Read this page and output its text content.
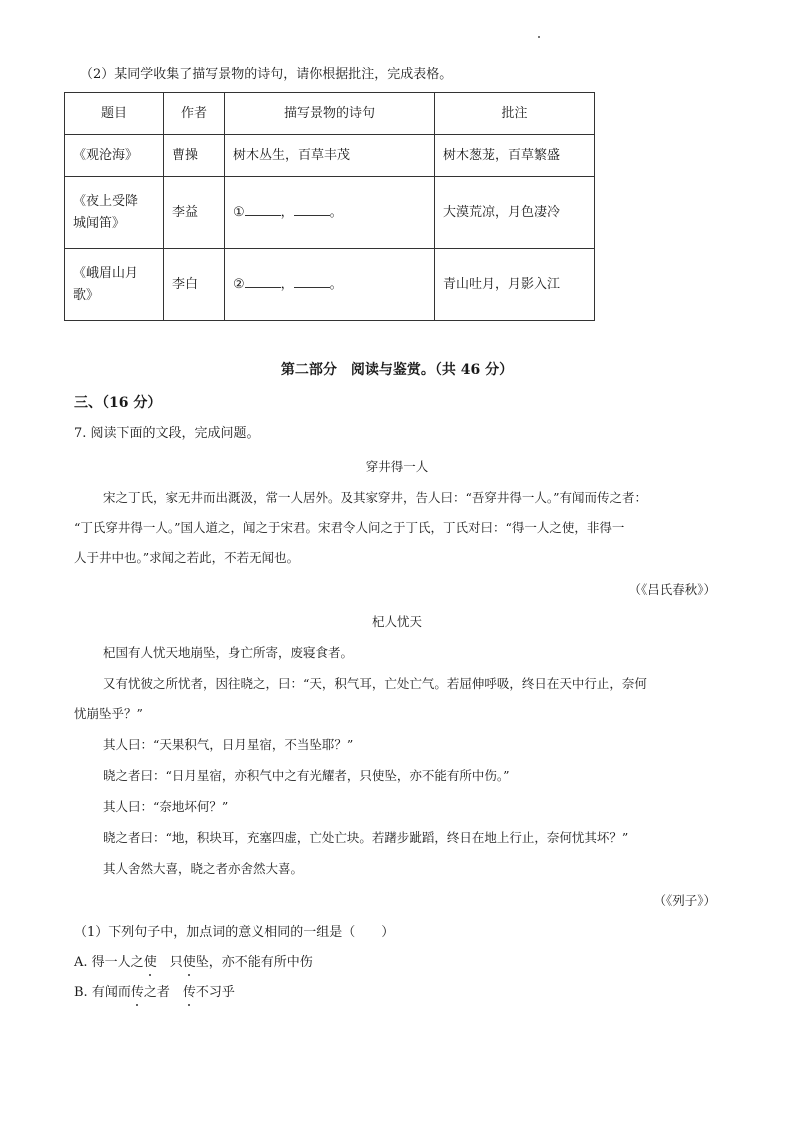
（2）某同学收集了描写景物的诗句，请你根据批注，完成表格。
题目	作者	描写景物的诗句	批注
《观沧海》	曹操	树木丛生，百草丰茂	树木葱茏，百草繁盛

《夜上受降
城闻笛》	李益	① ， 。	大漠荒凉，月色凄冷

《峨眉山月
歌》	李白	② ， 。	青山吐月，月影入江
第二部分　阅读与鉴赏。（共 46 分）
三、（16 分）
7. 阅读下面的文段，完成问题。
穿井得一人
宋之丁氏，家无井而出溉汲，常一人居外。及其家穿井，告人曰：“吾穿井得一人。”有闻而传之者：
“丁氏穿井得一人。”国人道之，闻之于宋君。宋君令人问之于丁氏，丁氏对曰：“得一人之使，非得一
人于井中也。”求闻之若此，不若无闻也。
（《吕氏春秋》）
杞人忧天
杞国有人忧天地崩坠，身亡所寄，废寝食者。
又有忧彼之所忧者，因往晓之，曰：“天，积气耳，亡处亡气。若屈伸呼吸，终日在天中行止，奈何
忧崩坠乎？”
其人曰：“天果积气，日月星宿，不当坠耶？”
晓之者曰：“日月星宿，亦积气中之有光耀者，只使坠，亦不能有所中伤。”
其人曰：“奈地坏何？”
晓之者曰：“地，积块耳，充塞四虚，亡处亡块。若躇步跐蹈，终日在地上行止，奈何忧其坏？”
其人舍然大喜，晓之者亦舍然大喜。
（《列子》）
（1）下列句子中，加点词的意义相同的一组是（　　）
A. 得一人之使　只使坠，亦不能有所中伤
B. 有闻而传之者　 传不习乎
